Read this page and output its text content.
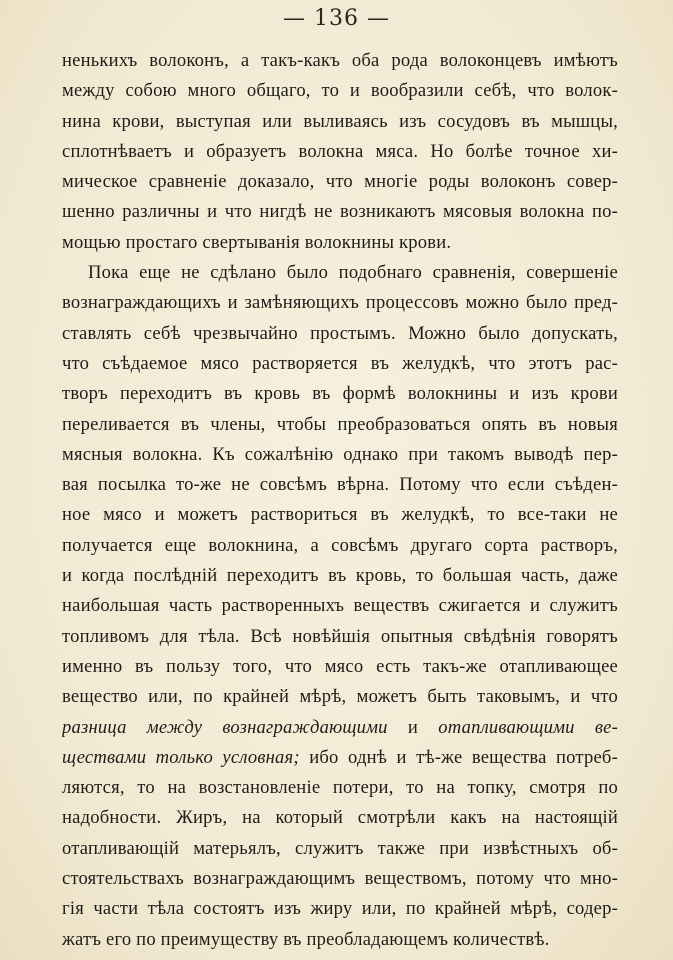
— 136 —
ненькихъ волоконъ, а такъ-какъ оба рода волоконцевъ имѣютъ
между собою много общаго, то и вообразили себѣ, что волок-
нина крови, выступая или выливаясь изъ сосудовъ въ мышцы,
сплотнѣваетъ и образуетъ волокна мяса. Но болѣе точное хи-
мическое сравненіе доказало, что многіе роды волоконъ совер-
шенно различны и что нигдѣ не возникаютъ мясовыя волокна по-
мощью простаго свертыванія волокнины крови.
Пока еще не сдѣлано было подобнаго сравненія, совершеніе
вознаграждающихъ и замѣняющихъ процессовъ можно было пред-
ставлять себѣ чрезвычайно простымъ. Можно было допускать,
что съѣдаемое мясо растворяется въ желудкѣ, что этотъ рас-
творъ переходитъ въ кровь въ формѣ волокнины и изъ крови
переливается въ члены, чтобы преобразоваться опять въ новыя
мясныя волокна. Къ сожалѣнію однако при такомъ выводѣ пер-
вая посылка то-же не совсѣмъ вѣрна. Потому что если съѣден-
ное мясо и можетъ раствориться въ желудкѣ, то все-таки не
получается еще волокнина, а совсѣмъ другаго сорта растворъ,
и когда послѣдній переходитъ въ кровь, то большая часть, даже
наибольшая часть растворенныхъ веществъ сжигается и служитъ
топливомъ для тѣла. Всѣ новѣйшія опытныя свѣдѣнія говорятъ
именно въ пользу того, что мясо есть такъ-же отапливающее
вещество или, по крайней мѣрѣ, можетъ быть таковымъ, и что
разница между вознаграждающими и отапливающими ве-
ществами только условная; ибо однѣ и тѣ-же вещества потреб-
ляются, то на возстановленіе потери, то на топку, смотря по
надобности. Жиръ, на который смотрѣли какъ на настоящій
отапливающій матерьялъ, служитъ также при извѣстныхъ об-
стоятельствахъ вознаграждающимъ веществомъ, потому что мно-
гія части тѣла состоятъ изъ жиру или, по крайней мѣрѣ, содер-
жатъ его по преимуществу въ преобладающемъ количествѣ.
